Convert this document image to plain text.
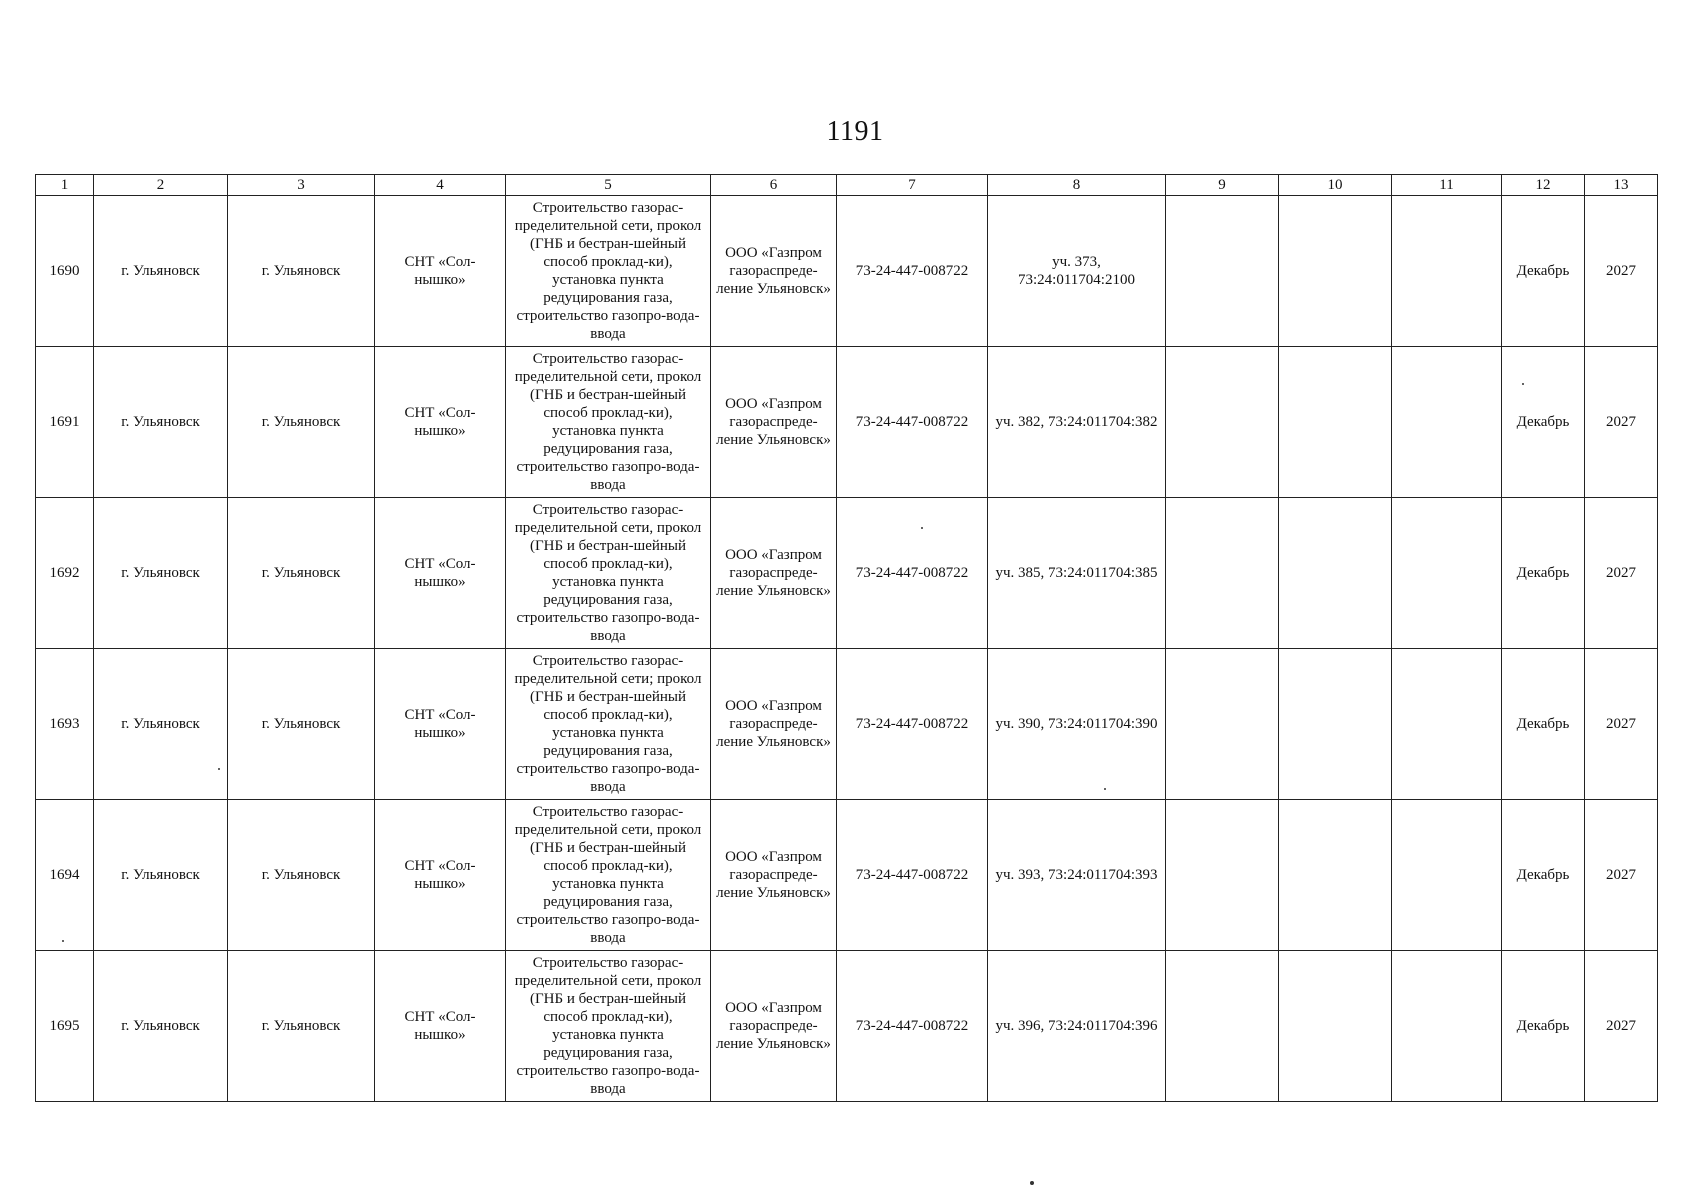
1191
1	2	3	4	5	6	7	8	9	10	11	12	13
1690	г. Ульяновск	г. Ульяновск	СНТ «Сол-нышко»	Строительство газорас-пределительной сети, прокол (ГНБ и бестран-шейный способ проклад-ки), установка пункта редуцирования газа, строительство газопро-вода-ввода	ООО «Газпром газораспреде-ление Ульяновск»	73-24-447-008722	уч. 373, 73:24:011704:2100				Декабрь	2027
1691	г. Ульяновск	г. Ульяновск	СНТ «Сол-нышко»	Строительство газорас-пределительной сети, прокол (ГНБ и бестран-шейный способ проклад-ки), установка пункта редуцирования газа, строительство газопро-вода-ввода	ООО «Газпром газораспреде-ление Ульяновск»	73-24-447-008722	уч. 382, 73:24:011704:382				Декабрь	2027
1692	г. Ульяновск	г. Ульяновск	СНТ «Сол-нышко»	Строительство газорас-пределительной сети, прокол (ГНБ и бестран-шейный способ проклад-ки), установка пункта редуцирования газа, строительство газопро-вода-ввода	ООО «Газпром газораспреде-ление Ульяновск»	73-24-447-008722	уч. 385, 73:24:011704:385				Декабрь	2027
1693	г. Ульяновск	г. Ульяновск	СНТ «Сол-нышко»	Строительство газорас-пределительной сети; прокол (ГНБ и бестран-шейный способ проклад-ки), установка пункта редуцирования газа, строительство газопро-вода-ввода	ООО «Газпром газораспреде-ление Ульяновск»	73-24-447-008722	уч. 390, 73:24:011704:390				Декабрь	2027
1694	г. Ульяновск	г. Ульяновск	СНТ «Сол-нышко»	Строительство газорас-пределительной сети, прокол (ГНБ и бестран-шейный способ проклад-ки), установка пункта редуцирования газа, строительство газопро-вода-ввода	ООО «Газпром газораспреде-ление Ульяновск»	73-24-447-008722	уч. 393, 73:24:011704:393				Декабрь	2027
1695	г. Ульяновск	г. Ульяновск	СНТ «Сол-нышко»	Строительство газорас-пределительной сети, прокол (ГНБ и бестран-шейный способ проклад-ки), установка пункта редуцирования газа, строительство газопро-вода-ввода	ООО «Газпром газораспреде-ление Ульяновск»	73-24-447-008722	уч. 396, 73:24:011704:396				Декабрь	2027
